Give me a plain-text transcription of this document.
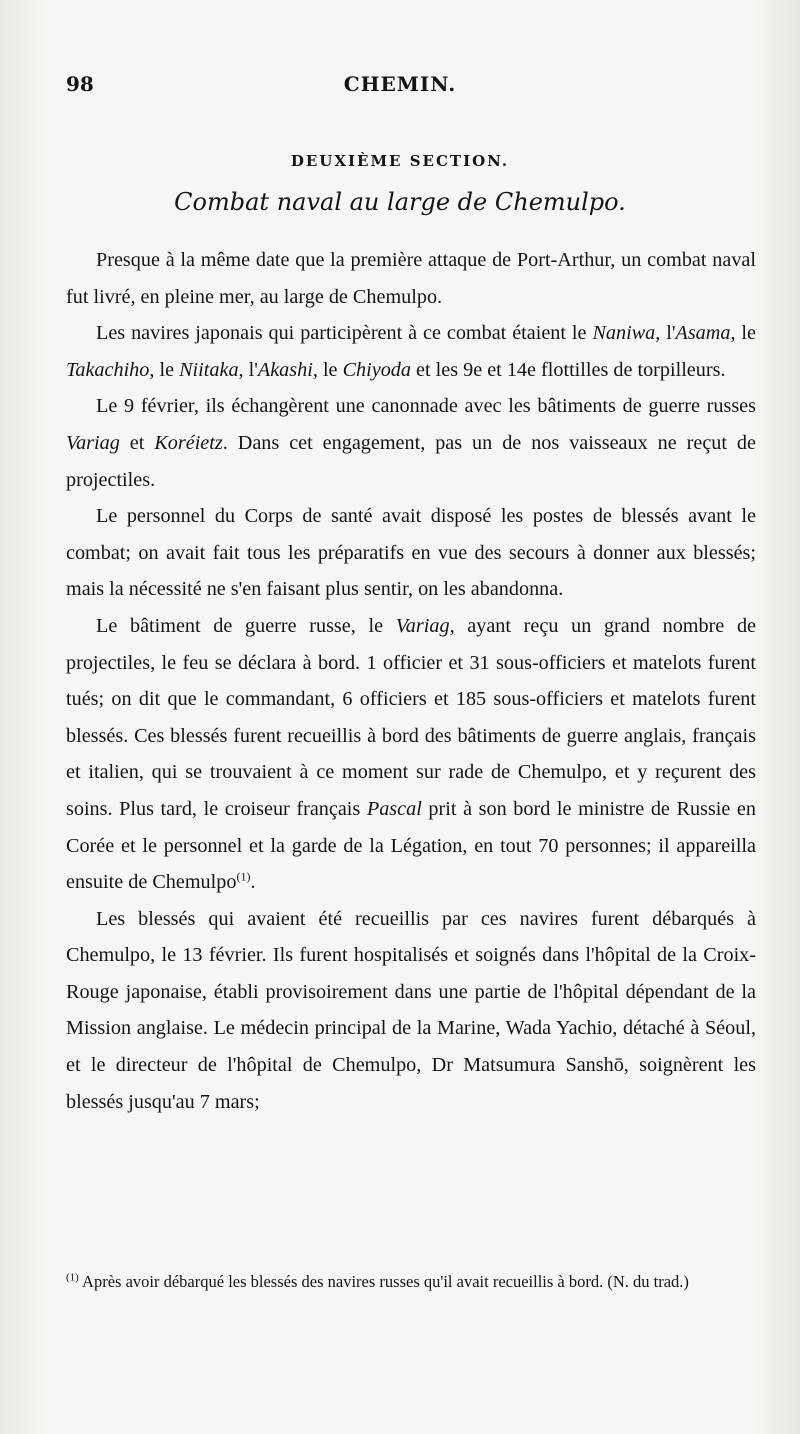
98	CHEMIN.
DEUXIÈME SECTION.
Combat naval au large de Chemulpo.

Presque à la même date que la première attaque de Port-Arthur, un combat naval fut livré, en pleine mer, au large de Chemulpo.

Les navires japonais qui participèrent à ce combat étaient le Naniwa, l'Asama, le Takachiho, le Niitaka, l'Akashi, le Chiyoda et les 9e et 14e flottilles de torpilleurs.

Le 9 février, ils échangèrent une canonnade avec les bâtiments de guerre russes Variag et Koréietz. Dans cet engagement, pas un de nos vaisseaux ne reçut de projectiles.

Le personnel du Corps de santé avait disposé les postes de blessés avant le combat; on avait fait tous les préparatifs en vue des secours à donner aux blessés; mais la nécessité ne s'en faisant plus sentir, on les abandonna.

Le bâtiment de guerre russe, le Variag, ayant reçu un grand nombre de projectiles, le feu se déclara à bord. 1 officier et 31 sous-officiers et matelots furent tués; on dit que le commandant, 6 officiers et 185 sous-officiers et matelots furent blessés. Ces blessés furent recueillis à bord des bâtiments de guerre anglais, français et italien, qui se trouvaient à ce moment sur rade de Chemulpo, et y reçurent des soins. Plus tard, le croiseur français Pascal prit à son bord le ministre de Russie en Corée et le personnel et la garde de la Légation, en tout 70 personnes; il appareilla ensuite de Chemulpo$^{(1)}$.

Les blessés qui avaient été recueillis par ces navires furent débarqués à Chemulpo, le 13 février. Ils furent hospitalisés et soignés dans l'hôpital de la Croix-Rouge japonaise, établi provisoirement dans une partie de l'hôpital dépendant de la Mission anglaise. Le médecin principal de la Marine, Wada Yachio, détaché à Séoul, et le directeur de l'hôpital de Chemulpo, Dr Matsumura Sanshō, soignèrent les blessés jusqu'au 7 mars;

$^{(1)}$ Après avoir débarqué les blessés des navires russes qu'il avait recueillis à bord. (N. du trad.)
